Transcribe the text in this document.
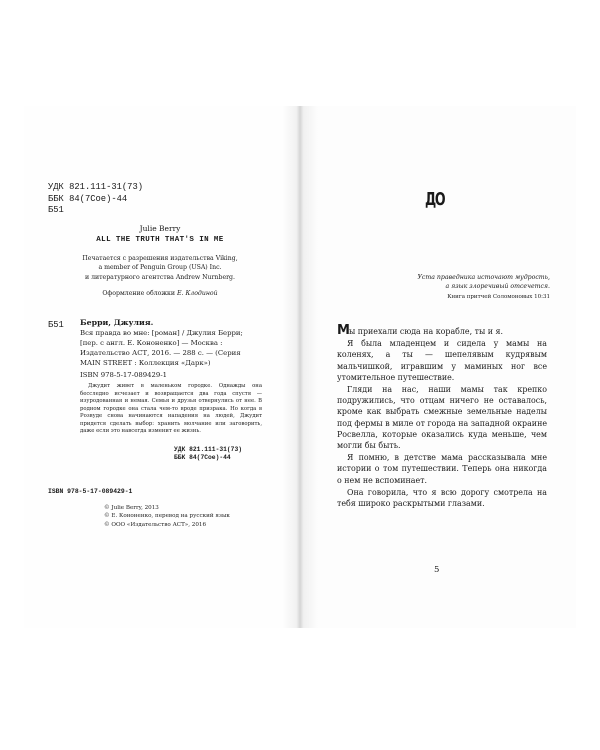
УДК 821.111-31(73)
ББК 84(7Сое)-44
Б51
Julie Berry
ALL THE TRUTH THAT'S IN ME
Печатается с разрешения издательства Viking,
a member of Penguin Group (USA) Inc.
и литературного агентства Andrew Nurnberg.
Оформление обложки Е. Клодиной
Б51 Берри, Джулия.

Вся правда во мне: [роман] / Джулия Берри; [пер. с англ. Е. Кононенко] — Москва : Издательство АСТ, 2016. — 288 с. — (Серия MAIN STREET : Коллекция «Дарк»)

ISBN 978-5-17-089429-1

Джудит живет в маленьком городке. Однажды она бесследно исчезает и возвращается два года спустя — изуродованная и немая. Семья и друзья отвернулись от нее. В родном городке она стала чем-то вроде призрака. Но когда в Розвуде снова начинаются нападения на людей, Джудит придется сделать выбор: хранить молчание или заговорить, даже если это навсегда изменит ее жизнь.

УДК 821.111-31(73)
ББК 84(7Сое)-44
ISBN 978-5-17-089429-1

© Julie Berry, 2013

© Е. Кононенко, перевод на русский язык

© ООО «Издательство АСТ», 2016

ДО
Уста праведника источают мудрость,
а язык злоречивый отсечется.
Книга притчей Соломоновых 10:31

Мы приехали сюда на корабле, ты и я.

Я была младенцем и сидела у мамы на коленях, а ты — шепелявым кудрявым мальчишкой, игравшим у маминых ног все утомительное путешествие.

Гляди на нас, наши мамы так крепко подружились, что отцам ничего не оставалось, кроме как выбрать смежные земельные наделы под фермы в миле от города на западной окраине Росвелла, которые оказались куда меньше, чем могли бы быть.

Я помню, в детстве мама рассказывала мне истории о том путешествии. Теперь она никогда о нем не вспоминает.

Она говорила, что я всю дорогу смотрела на тебя широко раскрытыми глазами.

5
